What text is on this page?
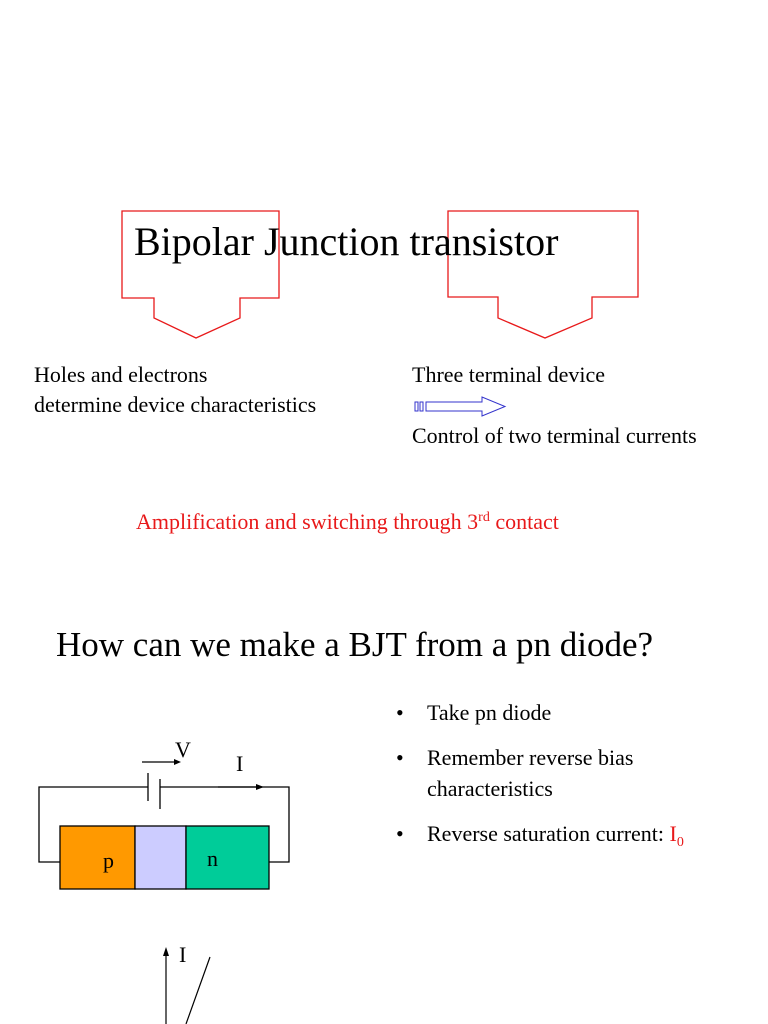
Bipolar Junction transistor
Holes and electrons
determine device characteristics
Three terminal device
Control of two terminal currents
Amplification and switching through 3rd contact
How can we make a BJT from a pn diode?
• Take pn diode
• Remember reverse bias characteristics
• Reverse saturation current: $I_0$
V
I
p	n
I
